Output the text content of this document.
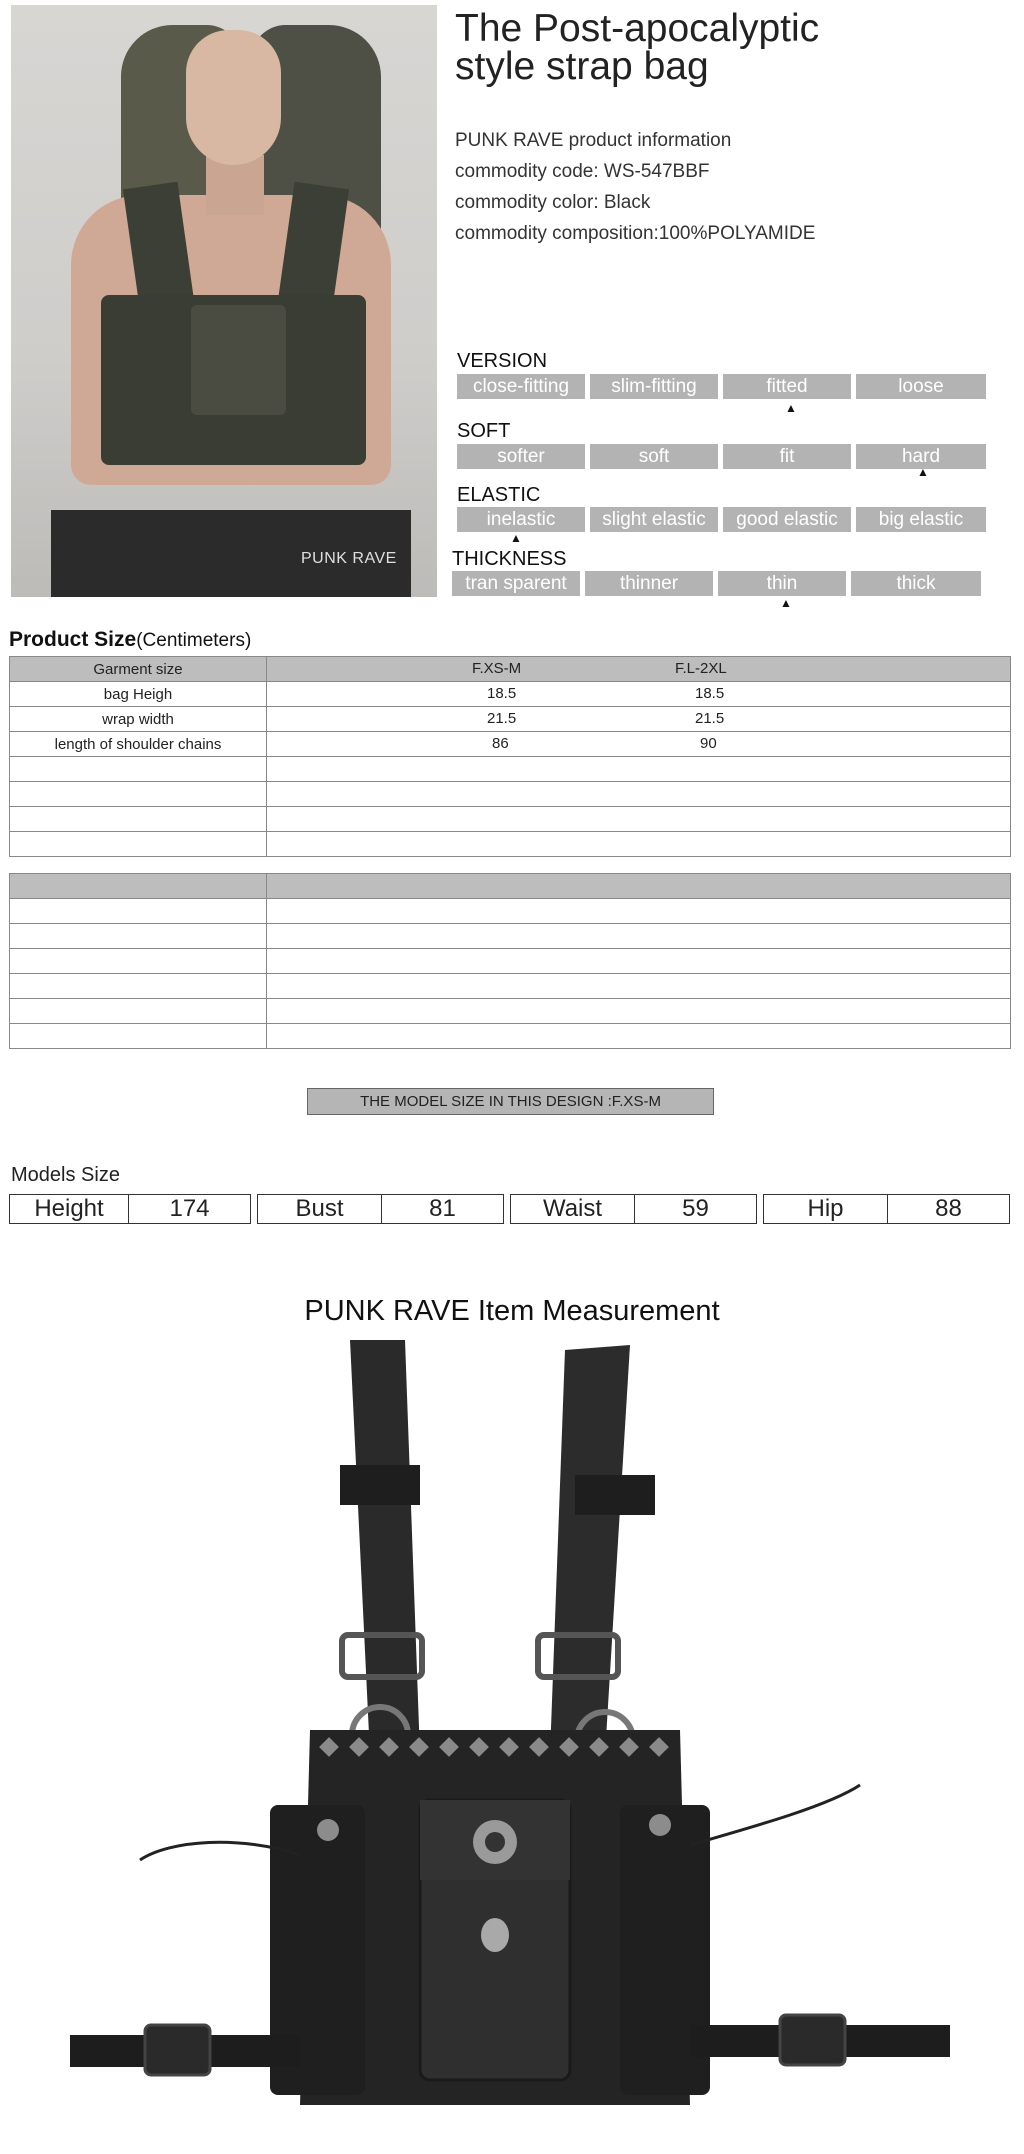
PUNK RAVE
The Post-apocalyptic
style strap bag
PUNK RAVE product information
commodity code: WS-547BBF
commodity color: Black
commodity composition:100%POLYAMIDE
VERSION
close-fitting	slim-fitting	fitted	loose
▲
SOFT
softer	soft	fit	hard
▲
ELASTIC
inelastic	slight elastic	good elastic	big elastic
▲
THICKNESS
tran sparent	thinner	thin	thick
▲
Product Size(Centimeters)
Garment size	F.XS-M F.L-2XL

bag Heigh	18.5 18.5

wrap width	21.5 21.5

length of shoulder chains	86 90

THE MODEL SIZE IN THIS DESIGN :F.XS-M
Models Size
Height	174	Bust	81	Waist	59	Hip	88
PUNK RAVE Item Measurement
